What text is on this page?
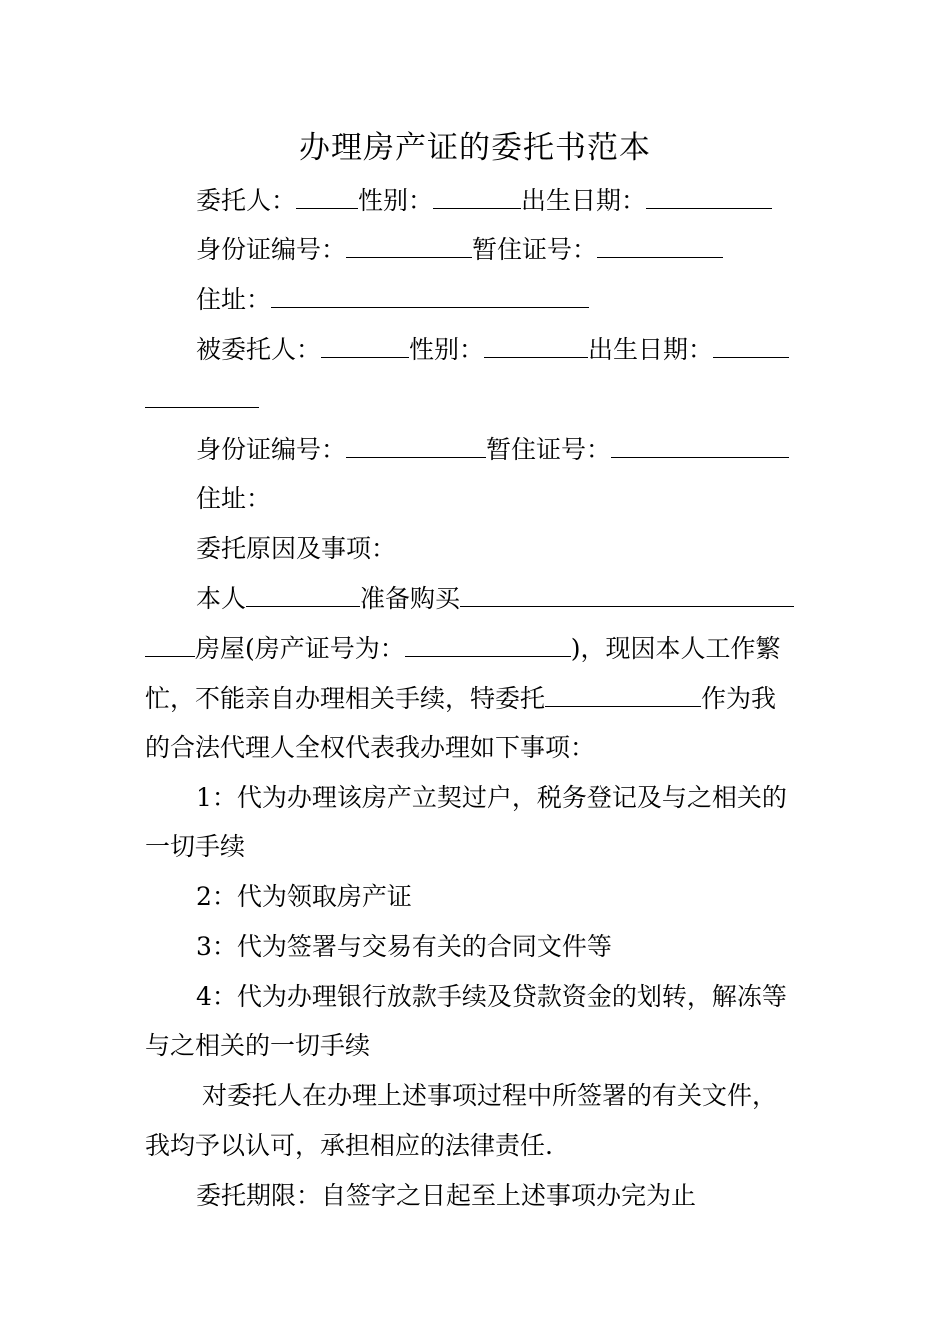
办理房产证的委托书范本
委托人： 性别：	出生日期：
身份证编号：	暂住证号：
住址：
被委托人：	性别：	出生日期：
身份证编号：	暂住证号：
住址：
委托原因及事项：
本人	准备购买
房屋(房产证号为：	)，现因本人工作繁
忙，不能亲自办理相关手续，特委托	作为我
的合法代理人全权代表我办理如下事项：
1：代为办理该房产立契过户，税务登记及与之相关的
一切手续
2：代为领取房产证
3：代为签署与交易有关的合同文件等
4：代为办理银行放款手续及贷款资金的划转，解冻等
与之相关的一切手续
对委托人在办理上述事项过程中所签署的有关文件，
我均予以认可，承担相应的法律责任.
委托期限：自签字之日起至上述事项办完为止
